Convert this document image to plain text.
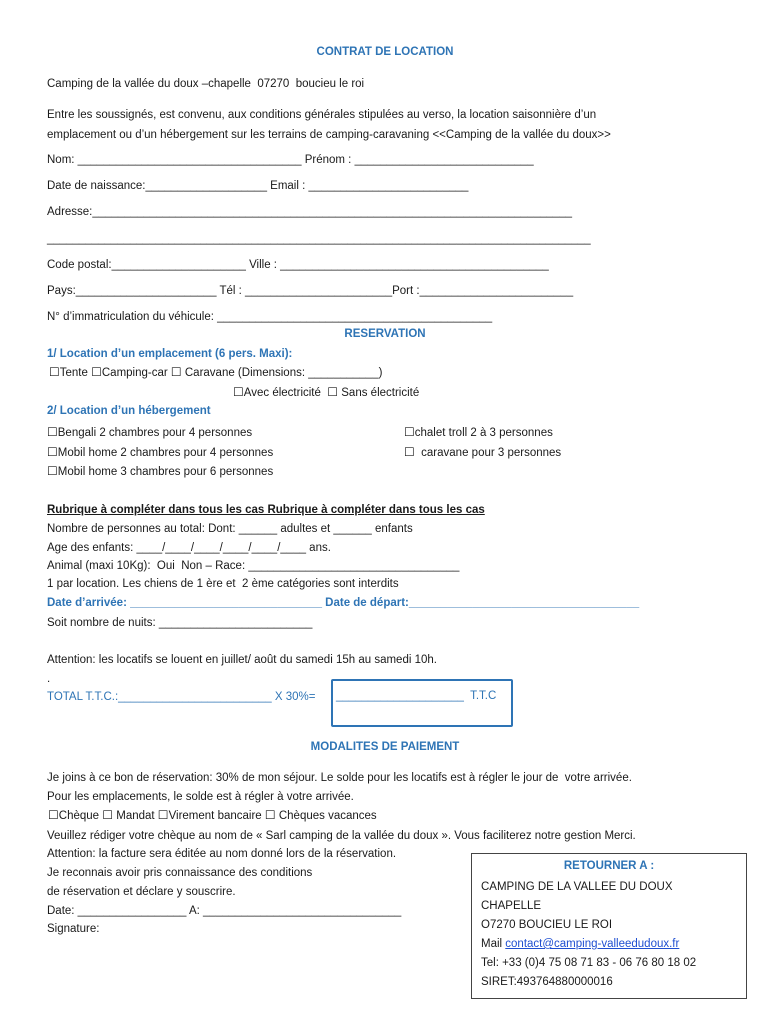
CONTRAT DE LOCATION
Camping de la vallée du doux –chapelle  07270  boucieu le roi
Entre les soussignés, est convenu, aux conditions générales stipulées au verso, la location saisonnière d’un
emplacement ou d’un hébergement sur les terrains de camping-caravaning <<Camping de la vallée du doux>>
Nom: ___________________________________ Prénom : ____________________________
Date de naissance:___________________ Email : _________________________
Adresse:___________________________________________________________________________
_____________________________________________________________________________________
Code postal:_____________________ Ville : __________________________________________
Pays:______________________ Tél : _______________________Port :________________________
N° d’immatriculation du véhicule: ___________________________________________
RESERVATION
1/ Location d’un emplacement (6 pers. Maxi):
☐Tente ☐Camping-car ☐ Caravane (Dimensions: ___________)
☐Avec électricité ☐ Sans électricité
2/ Location d’un hébergement
☐Bengali 2 chambres pour 4 personnes	☐chalet troll 2 à 3 personnes
☐Mobil home 2 chambres pour 4 personnes	☐  caravane pour 3 personnes
☐Mobil home 3 chambres pour 6 personnes
Rubrique à compléter dans tous les cas Rubrique à compléter dans tous les cas
Nombre de personnes au total: Dont: ______ adultes et ______ enfants
Age des enfants: ____/____/____/____/____/____ ans.
Animal (maxi 10Kg):  Oui  Non – Race: _________________________________
1 par location. Les chiens de 1 ère et  2 ème catégories sont interdits
Date d’arrivée: ______________________________ Date de départ:____________________________________
Soit nombre de nuits: ________________________
Attention: les locatifs se louent en juillet/ août du samedi 15h au samedi 10h.
.
TOTAL T.T.C.:________________________ X 30%= ____________________  T.T.C
MODALITES DE PAIEMENT
Je joins à ce bon de réservation: 30% de mon séjour. Le solde pour les locatifs est à régler le jour de  votre arrivée.
Pour les emplacements, le solde est à régler à votre arrivée.
☐Chèque ☐ Mandat ☐Virement bancaire ☐ Chèques vacances
Veuillez rédiger votre chèque au nom de « Sarl camping de la vallée du doux ». Vous faciliterez notre gestion Merci.
Attention: la facture sera éditée au nom donné lors de la réservation.
Je reconnais avoir pris connaissance des conditions
de réservation et déclare y souscrire.
Date: _________________ A: _______________________________
Signature:
RETOURNER A :
CAMPING DE LA VALLEE DU DOUX
CHAPELLE
O7270 BOUCIEU LE ROI
Mail contact@camping-valleedudoux.fr
Tel: +33 (0)4 75 08 71 83 - 06 76 80 18 02
SIRET:493764880000016
